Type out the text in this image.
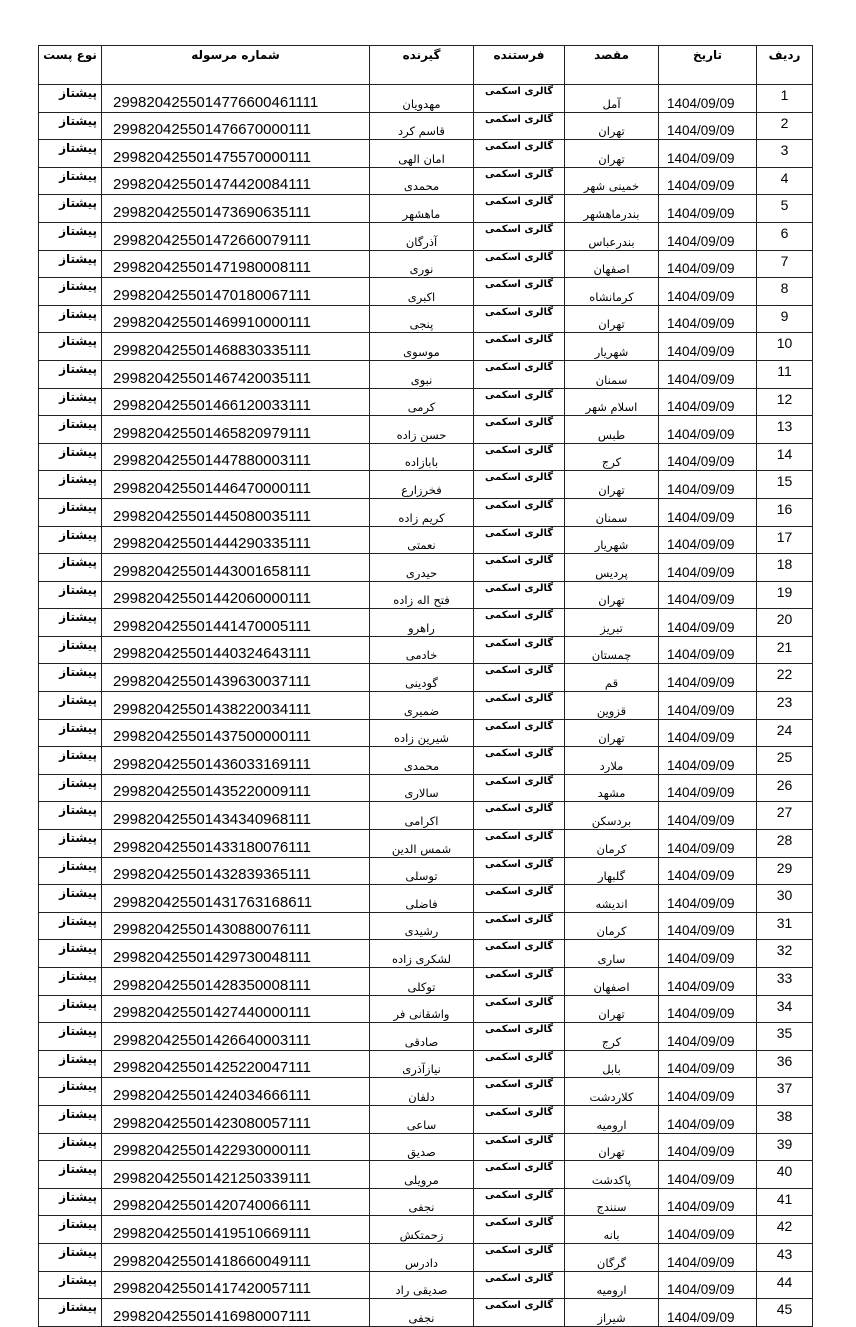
نوع پست	شماره مرسوله	گیرنده	فرستنده	مقصد	تاریخ	ردیف
پیشتاز	2998204255014776600461111	مهدویان	گالری اسکمی	آمل	1404/09/09	1
پیشتاز	299820425501476670000111	قاسم کرد	گالری اسکمی	تهران	1404/09/09	2
پیشتاز	299820425501475570000111	امان الهی	گالری اسکمی	تهران	1404/09/09	3
پیشتاز	299820425501474420084111	محمدی	گالری اسکمی	خمینی شهر	1404/09/09	4
پیشتاز	299820425501473690635111	ماهشهر	گالری اسکمی	بندرماهشهر	1404/09/09	5
پیشتاز	299820425501472660079111	آذرگان	گالری اسکمی	بندرعباس	1404/09/09	6
پیشتاز	299820425501471980008111	نوری	گالری اسکمی	اصفهان	1404/09/09	7
پیشتاز	299820425501470180067111	اکبری	گالری اسکمی	کرمانشاه	1404/09/09	8
پیشتاز	299820425501469910000111	پنجی	گالری اسکمی	تهران	1404/09/09	9
پیشتاز	299820425501468830335111	موسوی	گالری اسکمی	شهریار	1404/09/09	10
پیشتاز	299820425501467420035111	نبوی	گالری اسکمی	سمنان	1404/09/09	11
پیشتاز	299820425501466120033111	کرمی	گالری اسکمی	اسلام شهر	1404/09/09	12
پیشتاز	299820425501465820979111	حسن زاده	گالری اسکمی	طبس	1404/09/09	13
پیشتاز	299820425501447880003111	بابازاده	گالری اسکمی	کرج	1404/09/09	14
پیشتاز	299820425501446470000111	فخرزارع	گالری اسکمی	تهران	1404/09/09	15
پیشتاز	299820425501445080035111	کریم زاده	گالری اسکمی	سمنان	1404/09/09	16
پیشتاز	299820425501444290335111	نعمتی	گالری اسکمی	شهریار	1404/09/09	17
پیشتاز	299820425501443001658111	حیدری	گالری اسکمی	پردیس	1404/09/09	18
پیشتاز	299820425501442060000111	فتح اله زاده	گالری اسکمی	تهران	1404/09/09	19
پیشتاز	299820425501441470005111	راهرو	گالری اسکمی	تبریز	1404/09/09	20
پیشتاز	299820425501440324643111	خادمی	گالری اسکمی	چمستان	1404/09/09	21
پیشتاز	299820425501439630037111	گودینی	گالری اسکمی	قم	1404/09/09	22
پیشتاز	299820425501438220034111	ضمیری	گالری اسکمی	قزوین	1404/09/09	23
پیشتاز	299820425501437500000111	شیرین زاده	گالری اسکمی	تهران	1404/09/09	24
پیشتاز	299820425501436033169111	محمدی	گالری اسکمی	ملارد	1404/09/09	25
پیشتاز	299820425501435220009111	سالاری	گالری اسکمی	مشهد	1404/09/09	26
پیشتاز	299820425501434340968111	اکرامی	گالری اسکمی	بردسکن	1404/09/09	27
پیشتاز	299820425501433180076111	شمس الدین	گالری اسکمی	کرمان	1404/09/09	28
پیشتاز	299820425501432839365111	توسلی	گالری اسکمی	گلبهار	1404/09/09	29
پیشتاز	299820425501431763168611	فاضلی	گالری اسکمی	اندیشه	1404/09/09	30
پیشتاز	299820425501430880076111	رشیدی	گالری اسکمی	کرمان	1404/09/09	31
پیشتاز	299820425501429730048111	لشکری زاده	گالری اسکمی	ساری	1404/09/09	32
پیشتاز	299820425501428350008111	توکلی	گالری اسکمی	اصفهان	1404/09/09	33
پیشتاز	299820425501427440000111	واشقانی فر	گالری اسکمی	تهران	1404/09/09	34
پیشتاز	299820425501426640003111	صادقی	گالری اسکمی	کرج	1404/09/09	35
پیشتاز	299820425501425220047111	نیازآذری	گالری اسکمی	بابل	1404/09/09	36
پیشتاز	299820425501424034666111	دلفان	گالری اسکمی	کلاردشت	1404/09/09	37
پیشتاز	299820425501423080057111	ساعی	گالری اسکمی	ارومیه	1404/09/09	38
پیشتاز	299820425501422930000111	صدیق	گالری اسکمی	تهران	1404/09/09	39
پیشتاز	299820425501421250339111	مرویلی	گالری اسکمی	پاکدشت	1404/09/09	40
پیشتاز	299820425501420740066111	نجفی	گالری اسکمی	سنندج	1404/09/09	41
پیشتاز	299820425501419510669111	زحمتکش	گالری اسکمی	بانه	1404/09/09	42
پیشتاز	299820425501418660049111	دادرس	گالری اسکمی	گرگان	1404/09/09	43
پیشتاز	299820425501417420057111	صدیقی راد	گالری اسکمی	ارومیه	1404/09/09	44
پیشتاز	299820425501416980007111	نجفی	گالری اسکمی	شیراز	1404/09/09	45
